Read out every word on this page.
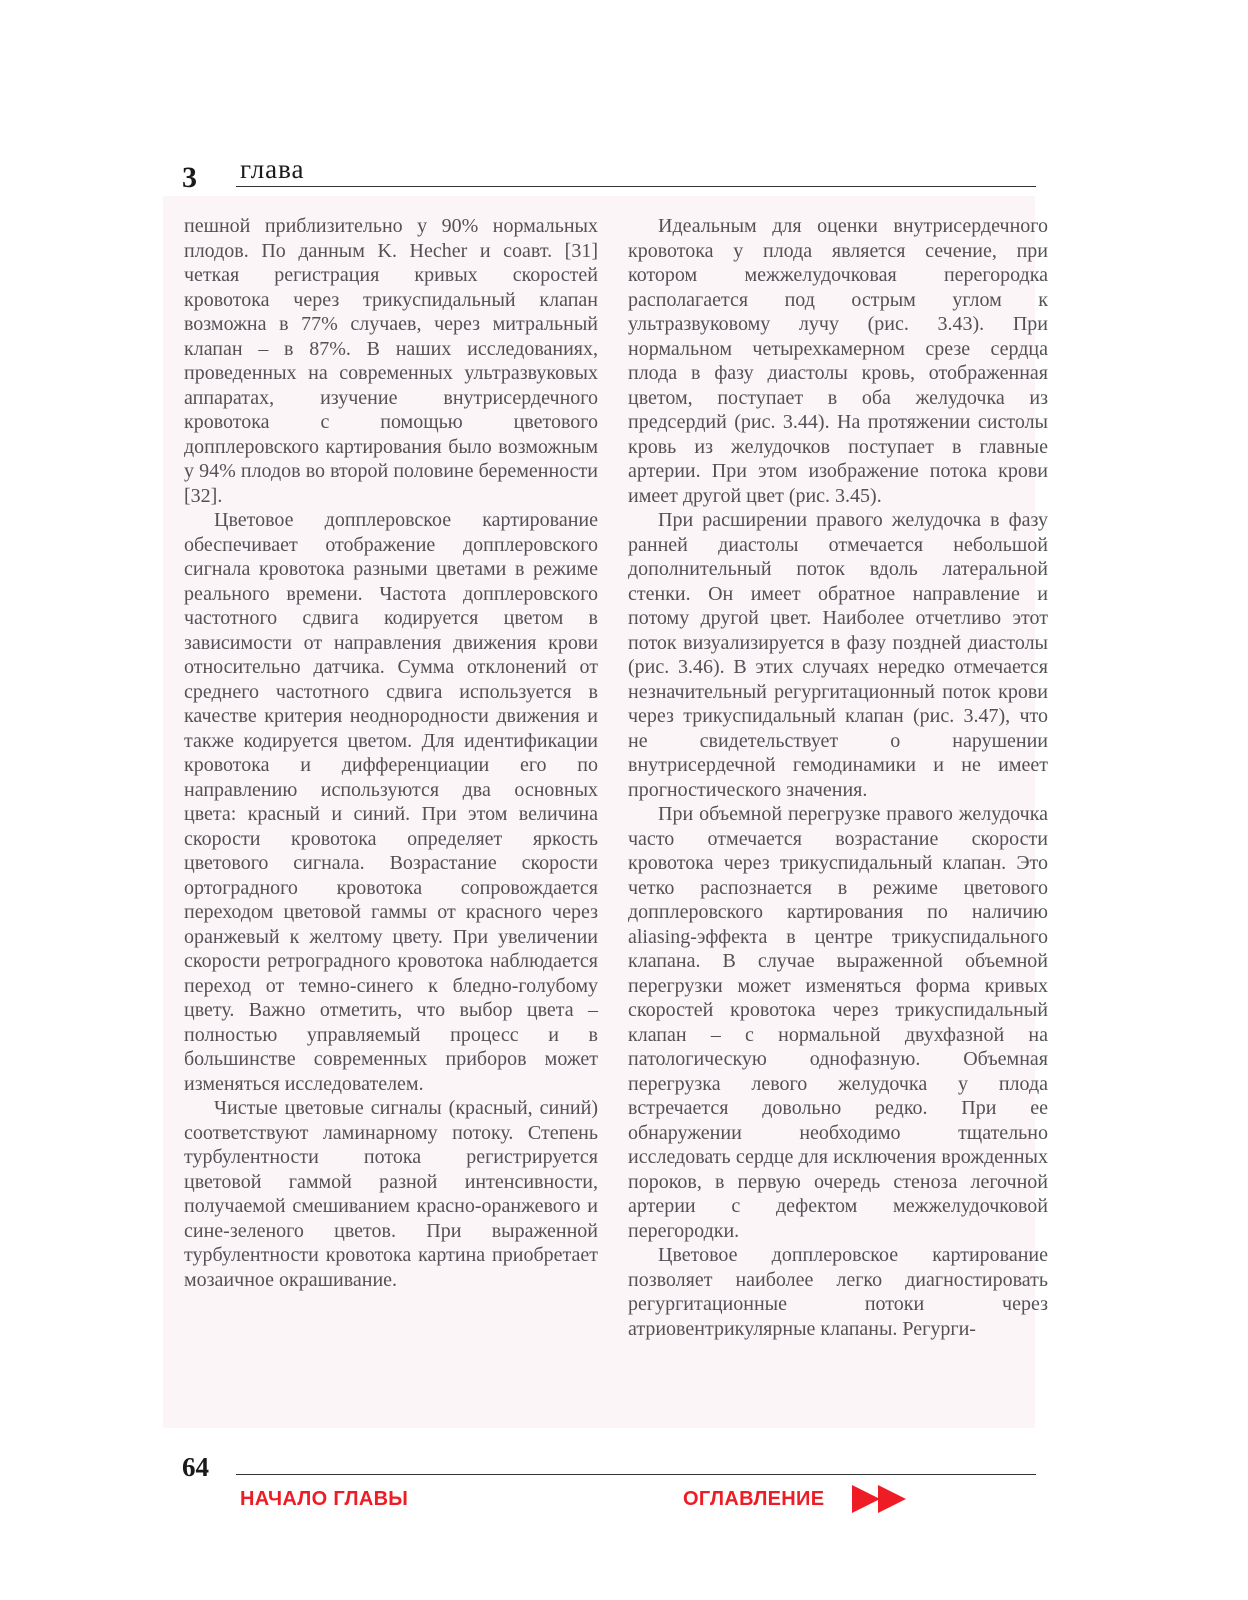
3 глава

пешной приблизительно у 90% нормальных плодов. По данным K. Hecher и соавт. [31] четкая регистрация кривых скоростей кровотока через трикуспидальный клапан возможна в 77% случаев, через митральный клапан – в 87%. В наших исследованиях, проведенных на современных ультразвуковых аппаратах, изучение внутрисердечного кровотока с помощью цветового допплеровского картирования было возможным у 94% плодов во второй половине беременности [32].

Цветовое допплеровское картирование обеспечивает отображение допплеровского сигнала кровотока разными цветами в режиме реального времени. Частота допплеровского частотного сдвига кодируется цветом в зависимости от направления движения крови относительно датчика. Сумма отклонений от среднего частотного сдвига используется в качестве критерия неоднородности движения и также кодируется цветом. Для идентификации кровотока и дифференциации его по направлению используются два основных цвета: красный и синий. При этом величина скорости кровотока определяет яркость цветового сигнала. Возрастание скорости ортоградного кровотока сопровождается переходом цветовой гаммы от красного через оранжевый к желтому цвету. При увеличении скорости ретроградного кровотока наблюдается переход от темно-синего к бледно-голубому цвету. Важно отметить, что выбор цвета – полностью управляемый процесс и в большинстве современных приборов может изменяться исследователем.

Чистые цветовые сигналы (красный, синий) соответствуют ламинарному потоку. Степень турбулентности потока регистрируется цветовой гаммой разной интенсивности, получаемой смешиванием красно-оранжевого и сине-зеленого цветов. При выраженной турбулентности кровотока картина приобретает мозаичное окрашивание.

Идеальным для оценки внутрисердечного кровотока у плода является сечение, при котором межжелудочковая перегородка располагается под острым углом к ультразвуковому лучу (рис. 3.43). При нормальном четырехкамерном срезе сердца плода в фазу диастолы кровь, отображенная цветом, поступает в оба желудочка из предсердий (рис. 3.44). На протяжении систолы кровь из желудочков поступает в главные артерии. При этом изображение потока крови имеет другой цвет (рис. 3.45).

При расширении правого желудочка в фазу ранней диастолы отмечается небольшой дополнительный поток вдоль латеральной стенки. Он имеет обратное направление и потому другой цвет. Наиболее отчетливо этот поток визуализируется в фазу поздней диастолы (рис. 3.46). В этих случаях нередко отмечается незначительный регургитационный поток крови через трикуспидальный клапан (рис. 3.47), что не свидетельствует о нарушении внутрисердечной гемодинамики и не имеет прогностического значения.

При объемной перегрузке правого желудочка часто отмечается возрастание скорости кровотока через трикуспидальный клапан. Это четко распознается в режиме цветового допплеровского картирования по наличию aliasing-эффекта в центре трикуспидального клапана. В случае выраженной объемной перегрузки может изменяться форма кривых скоростей кровотока через трикуспидальный клапан – с нормальной двухфазной на патологическую однофазную. Объемная перегрузка левого желудочка у плода встречается довольно редко. При ее обнаружении необходимо тщательно исследовать сердце для исключения врожденных пороков, в первую очередь стеноза легочной артерии с дефектом межжелудочковой перегородки.

Цветовое допплеровское картирование позволяет наиболее легко диагностировать регургитационные потоки через атриовентрикулярные клапаны. Регурги-

64
НАЧАЛО ГЛАВЫ	ОГЛАВЛЕНИЕ
